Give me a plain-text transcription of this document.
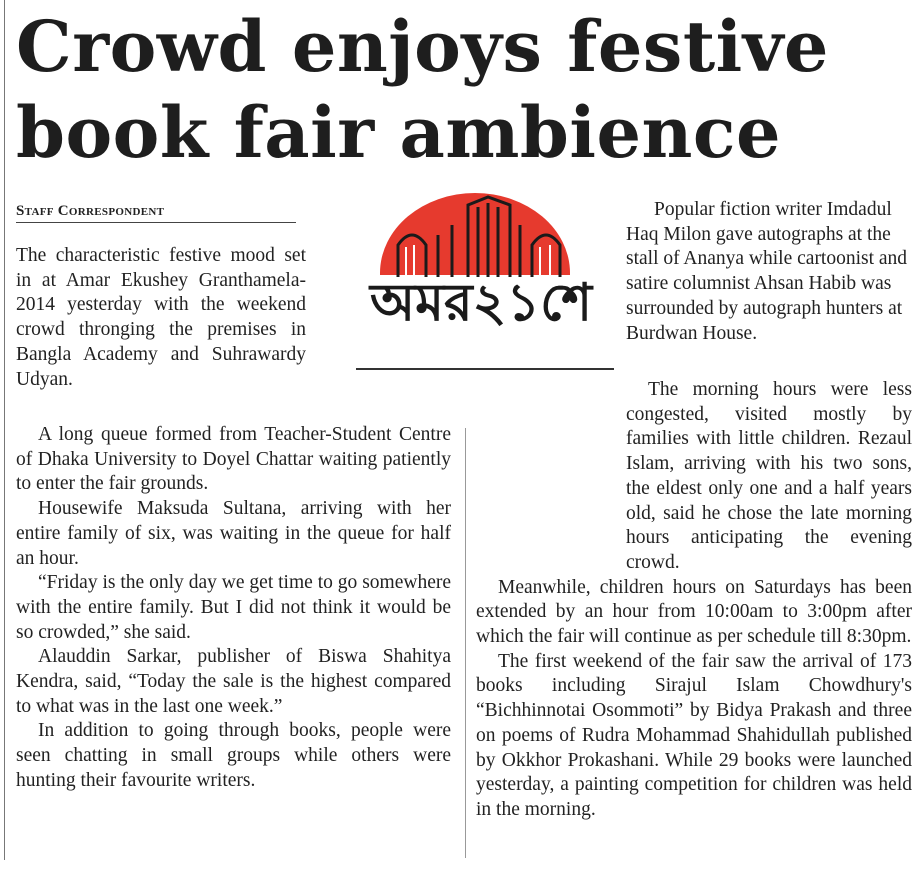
Crowd enjoys festive
book fair ambience
Staff Correspondent

The characteristic festive mood set in at Amar Ekushey Granthamela-2014 yesterday with the weekend crowd thronging the premises in Bangla Academy and Suhrawardy Udyan.

A long queue formed from Teacher-Student Centre of Dhaka University to Doyel Chattar waiting patiently to enter the fair grounds.

Housewife Maksuda Sultana, arriving with her entire family of six, was waiting in the queue for half an hour.

“Friday is the only day we get time to go somewhere with the entire family. But I did not think it would be so crowded,” she said.

Alauddin Sarkar, publisher of Biswa Shahitya Kendra, said, “Today the sale is the highest compared to what was in the last one week.”

In addition to going through books, people were seen chatting in small groups while others were hunting their favourite writers.

অমর২১শে

Popular fiction writer Imdadul Haq Milon gave autographs at the stall of Ananya while cartoonist and satire columnist Ahsan Habib was surrounded by autograph hunters at Burdwan House.

The morning hours were less congested, visited mostly by families with little children. Rezaul Islam, arriving with his two sons, the eldest only one and a half years old, said he chose the late morning hours anticipating the evening crowd.

Meanwhile, children hours on Saturdays has been extended by an hour from 10:00am to 3:00pm after which the fair will continue as per schedule till 8:30pm.

The first weekend of the fair saw the arrival of 173 books including Sirajul Islam Chowdhury's “Bichhinnotai Osommoti” by Bidya Prakash and three on poems of Rudra Mohammad Shahidullah published by Okkhor Prokashani. While 29 books were launched yesterday, a painting competition for children was held in the morning.
